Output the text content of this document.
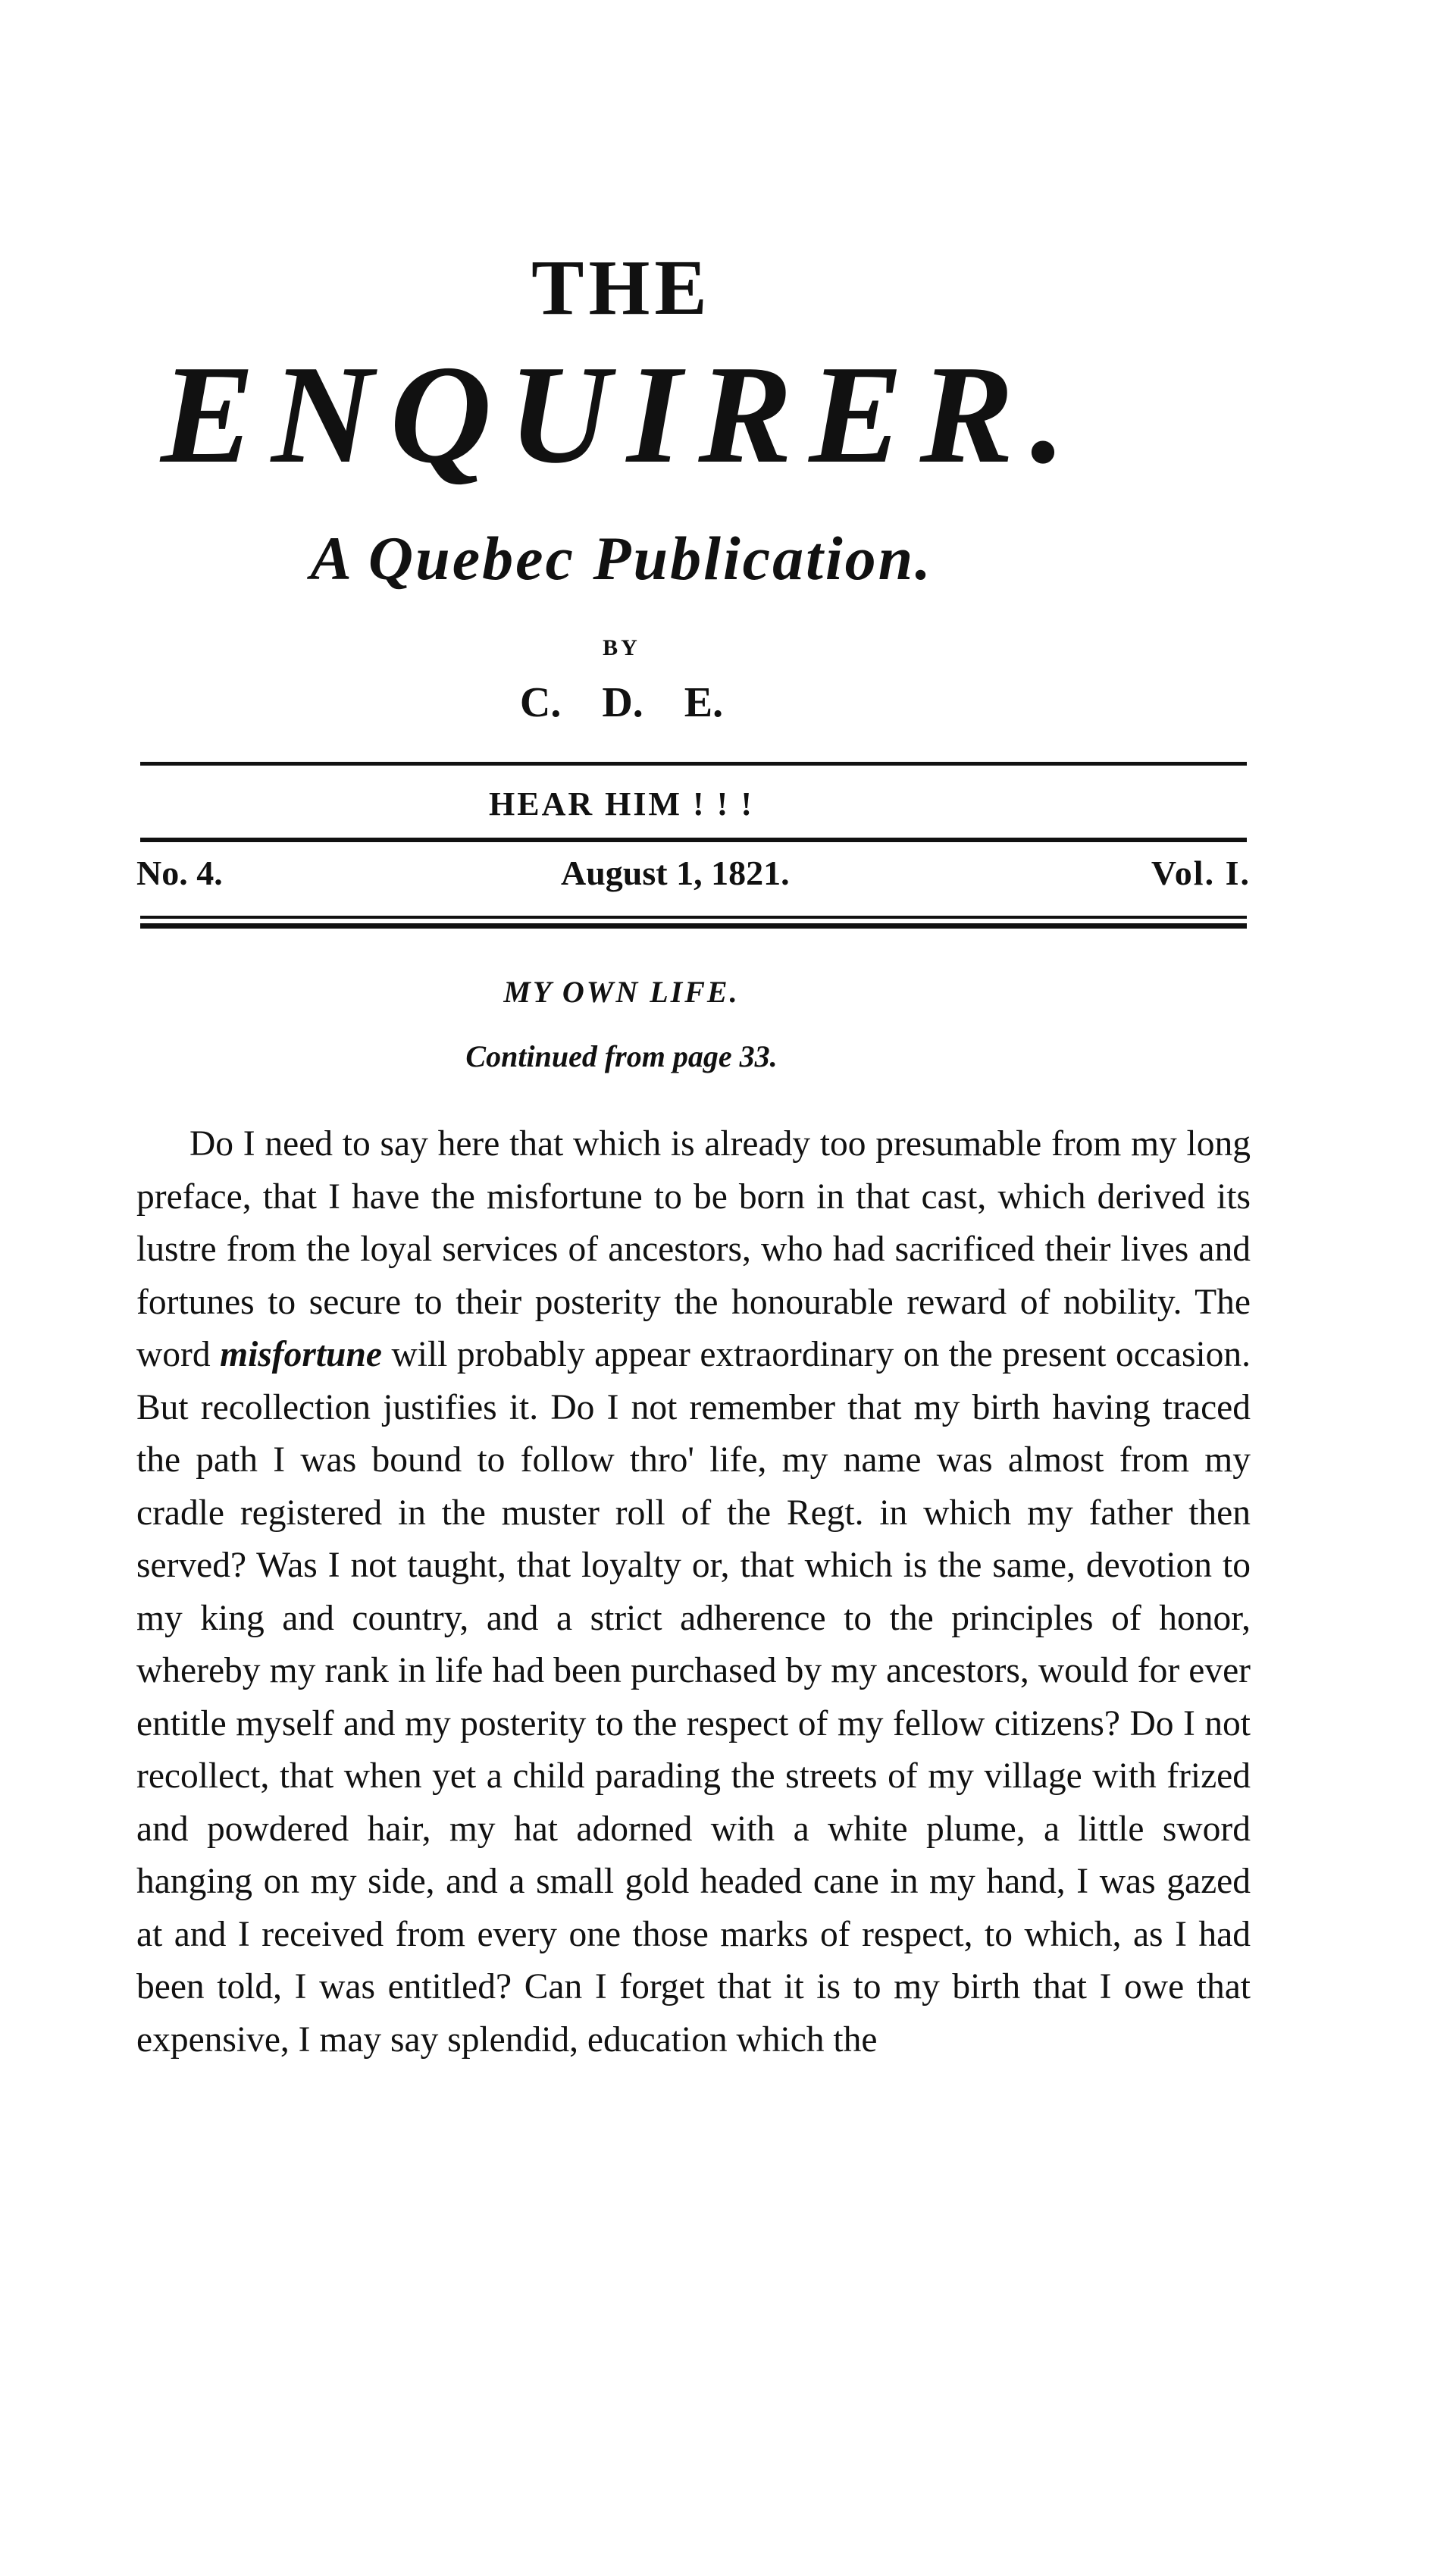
THE
ENQUIRER.
A Quebec Publication.
BY
C. D. E.
HEAR HIM ! ! !
No. 4.	August 1, 1821.	Vol. I.
MY OWN LIFE.
Continued from page 33.

Do I need to say here that which is already too presumable from my long preface, that I have the misfortune to be born in that cast, which derived its lustre from the loyal services of ancestors, who had sacrificed their lives and fortunes to secure to their posterity the honourable reward of nobility. The word misfortune will probably appear extraordinary on the present occasion. But recollection justifies it. Do I not remember that my birth having traced the path I was bound to follow thro' life, my name was almost from my cradle registered in the muster roll of the Regt. in which my father then served? Was I not taught, that loyalty or, that which is the same, devotion to my king and country, and a strict adherence to the principles of honor, whereby my rank in life had been purchased by my ancestors, would for ever entitle myself and my posterity to the respect of my fellow citizens? Do I not recollect, that when yet a child parading the streets of my village with frized and powdered hair, my hat adorned with a white plume, a little sword hanging on my side, and a small gold headed cane in my hand, I was gazed at and I received from every one those marks of respect, to which, as I had been told, I was entitled? Can I forget that it is to my birth that I owe that expensive, I may say splendid, education which the
